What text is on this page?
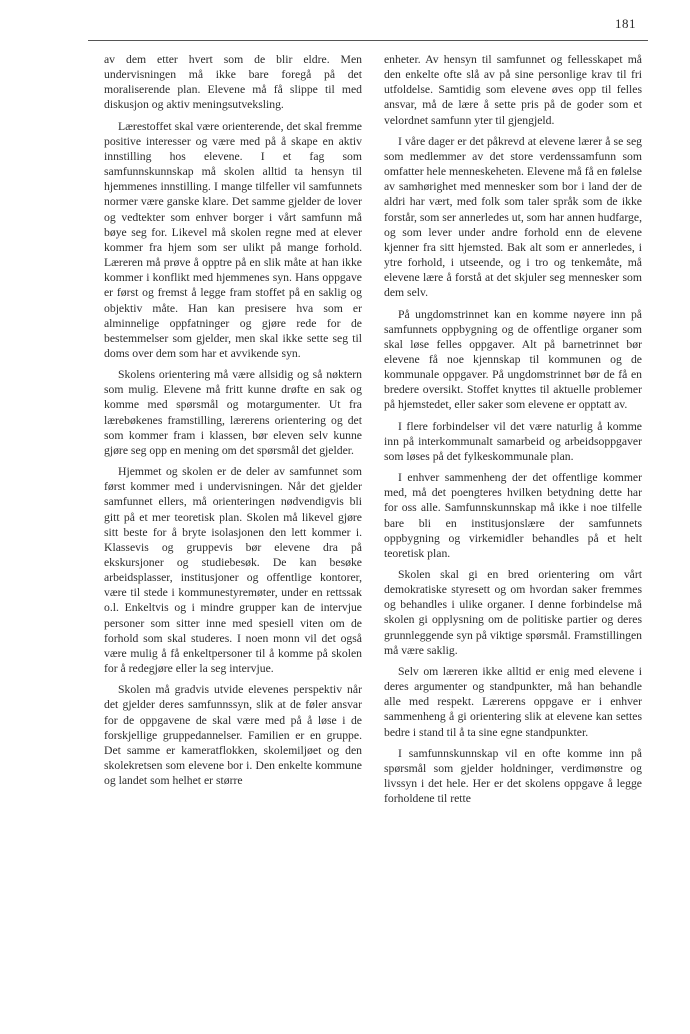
181

av dem etter hvert som de blir eldre. Men undervisningen må ikke bare foregå på det moraliserende plan. Elevene må få slippe til med diskusjon og aktiv meningsutveksling.

Lærestoffet skal være orienterende, det skal fremme positive interesser og være med på å skape en aktiv innstilling hos elevene. I et fag som samfunnskunnskap må skolen alltid ta hensyn til hjemmenes innstilling. I mange tilfeller vil samfunnets normer være ganske klare. Det samme gjelder de lover og vedtekter som enhver borger i vårt samfunn må bøye seg for. Likevel må skolen regne med at elever kommer fra hjem som ser ulikt på mange forhold. Læreren må prøve å opptre på en slik måte at han ikke kommer i konflikt med hjemmenes syn. Hans oppgave er først og fremst å legge fram stoffet på en saklig og objektiv måte. Han kan presisere hva som er alminnelige oppfatninger og gjøre rede for de bestemmelser som gjelder, men skal ikke sette seg til doms over dem som har et avvikende syn.

Skolens orientering må være allsidig og så nøktern som mulig. Elevene må fritt kunne drøfte en sak og komme med spørsmål og motargumenter. Ut fra lærebøkenes framstilling, lærerens orientering og det som kommer fram i klassen, bør eleven selv kunne gjøre seg opp en mening om det spørsmål det gjelder.

Hjemmet og skolen er de deler av samfunnet som først kommer med i undervisningen. Når det gjelder samfunnet ellers, må orienteringen nødvendigvis bli gitt på et mer teoretisk plan. Skolen må likevel gjøre sitt beste for å bryte isolasjonen den lett kommer i. Klassevis og gruppevis bør elevene dra på ekskursjoner og studiebesøk. De kan besøke arbeidsplasser, institusjoner og offentlige kontorer, være til stede i kommunestyremøter, under en rettssak o.l. Enkeltvis og i mindre grupper kan de intervjue personer som sitter inne med spesiell viten om de forhold som skal studeres. I noen monn vil det også være mulig å få enkeltpersoner til å komme på skolen for å redegjøre eller la seg intervjue.

Skolen må gradvis utvide elevenes perspektiv når det gjelder deres samfunnssyn, slik at de føler ansvar for de oppgavene de skal være med på å løse i de forskjellige gruppedannelser. Familien er en gruppe. Det samme er kameratflokken, skolemiljøet og den skolekretsen som elevene bor i. Den enkelte kommune og landet som helhet er større

enheter. Av hensyn til samfunnet og fellesskapet må den enkelte ofte slå av på sine personlige krav til fri utfoldelse. Samtidig som elevene øves opp til felles ansvar, må de lære å sette pris på de goder som et velordnet samfunn yter til gjengjeld.

I våre dager er det påkrevd at elevene lærer å se seg som medlemmer av det store verdenssamfunn som omfatter hele menneskeheten. Elevene må få en følelse av samhørighet med mennesker som bor i land der de aldri har vært, med folk som taler språk som de ikke forstår, som ser annerledes ut, som har annen hudfarge, og som lever under andre forhold enn de elevene kjenner fra sitt hjemsted. Bak alt som er annerledes, i ytre forhold, i utseende, og i tro og tenkemåte, må elevene lære å forstå at det skjuler seg mennesker som dem selv.

På ungdomstrinnet kan en komme nøyere inn på samfunnets oppbygning og de offentlige organer som skal løse felles oppgaver. Alt på barnetrinnet bør elevene få noe kjennskap til kommunen og de kommunale oppgaver. På ungdomstrinnet bør de få en bredere oversikt. Stoffet knyttes til aktuelle problemer på hjemstedet, eller saker som elevene er opptatt av.

I flere forbindelser vil det være naturlig å komme inn på interkommunalt samarbeid og arbeidsoppgaver som løses på det fylkeskommunale plan.

I enhver sammenheng der det offentlige kommer med, må det poengteres hvilken betydning dette har for oss alle. Samfunnskunnskap må ikke i noe tilfelle bare bli en institusjonslære der samfunnets oppbygning og virkemidler behandles på et helt teoretisk plan.

Skolen skal gi en bred orientering om vårt demokratiske styresett og om hvordan saker fremmes og behandles i ulike organer. I denne forbindelse må skolen gi opplysning om de politiske partier og deres grunnleggende syn på viktige spørsmål. Framstillingen må være saklig.

Selv om læreren ikke alltid er enig med elevene i deres argumenter og standpunkter, må han behandle alle med respekt. Lærerens oppgave er i enhver sammenheng å gi orientering slik at elevene kan settes bedre i stand til å ta sine egne standpunkter.

I samfunnskunnskap vil en ofte komme inn på spørsmål som gjelder holdninger, verdimønstre og livssyn i det hele. Her er det skolens oppgave å legge forholdene til rette
